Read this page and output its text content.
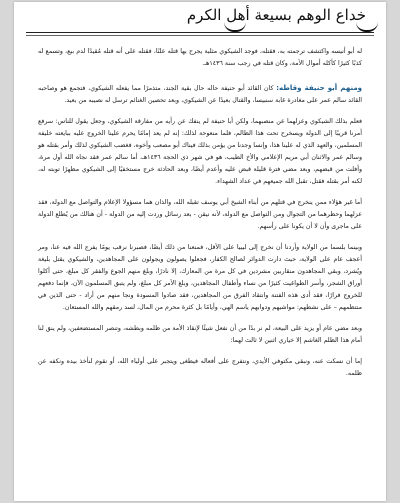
خداع الوهم بسيعة أهل الكرم

له أبو أنيسه واكتشف ترجمته به، فقتله، فوجد الشيكوي مثلبة يجرح بها قتله علنًا، فقتله على أنه قتله مُقيدًا لدم بيع، وتسمع له كذبًا كثيرًا كأكله أموال الأمة، وكان قتله في رجب سنة ١٤٣٦هـ.

ومنهم أبو حنيفة وقاطه: كان القائد أبو حنيفة حاله حال بقية الجند، متذمرًا مما يفعله الشيكوي، فتجمع هو وصاحبه القائد سالم عمر على مغادرة غابة سنبيسا، والقتال بعيدًا عن الشيكوي، وبعد تحصين الغنائم ترسل له نصيبه من بعيد.

فعلم بذلك الشيكوي وعزلهما عن منصبهما، ولكن أبا حنيفة لم ينفك عن رأيه من مفارقة الشيكوي، وجعل يقول للناس: سرفع أمرنا قريبًا إلى الدولة ويسخرح تحت هذا الظالم، فلما منعوحة لذلك: إنه لم يعد إمامًا يحرم علينا الخروج عليه ببايعته خليفة المسلمين، والعهد الذي له علينا هذا، وإنسا وجدنا من يؤمن بذلك فيناك أبو مصعب وأخوه، فغضب الشيكوي لذلك وأمر بقتله هو وسالم عمر والاثنان أبي مريم الإعلامي والأخ الطيب، هو في شهر ذي الحجة ١٤٣٦هـ، أما سالم عمر فقد نجاه الله أول مرة، وأفلت من قبضهم، وبعد مضي فترة قليلة قبض عليه وأعدم أيضًا، وبعد الحادثة خرج مستخفيًا إلى الشيكوي مظهرًا توبته له، لكنه أمر بقتله فقتل، تقبل الله جميعهم في عداد الشهداء.

أما غير هؤلاء ممن ينخرج في قتلهم من أبناء الشيخ أبي يوسف تقبله الله، والذان هما مسؤولا الإعلام والتواصل مع الدولة، فقد عزلهما وحظرهما من التجوال ومن التواصل مع الدولة، لأنه نيقن - بعد رسائل وردت إليه من الدولة - أن هنالك من يُطلع الدولة على ماجرى وأن لا أن يكونا على رأسهم.

وبينما بلسما من الولاية وأردنا أن نخرج إلى ليبيا على الأقل، فمنعنا من ذلك أيضًا، فصبرنا نرقب يومًا يفرج الله فيه عنا، ومر أعجف عام على الولاية، حيث دارت الدوائر لصالح الكفار، فجعلوا يصولون ويجولون على المجاهدين، والشيكوي يقتل بليغة ويُشرد، وبقي المجاهدون منقاربين مشردين في كل مرة من المعارك، إلا نادرًا، وبلغ منهم الجوع والفقر كل مبلغ، حتى أكلوا أوراق الشجر، وأسر الطواغيت كثيرًا من نساء وأطفال المجاهدين، وبلغ الأمر كل مبلغ، ولم يتبق المسلمون الآن، فإنما دفعهم للخروج فرارًا، فقد أدى هذه الفتنة وانتقاد الفرق من المجاهدين، فقد صادوا المسودة ونجا منهم من أراد - حتى الذين في منتظمهم – على نشطهم: مواشيهم ودوابهم ياسم الهي، وأيامًا بل كثرة محرم من المال، لسد رمقهم والله المستعان.

وبعد مضي عام أو يزيد على البيعة، لم نر بدًا من أن نفعل شيئًا لإنقاذ الأمة من ظلمه وبطشه، وتنصر المستضعفين، ولم ينق لنا أمام هذا الظلم الغاشم إلا خياري اثنين لا ثالث لهما:

إما أن نسكت عنه، ونبقى مكتوفي الأيدي، ونتفرج على أفعاله فيطغى ويتجبر على أولياء الله، أو نقوم لنأخذ بيده ونكفه عن ظلمه.
